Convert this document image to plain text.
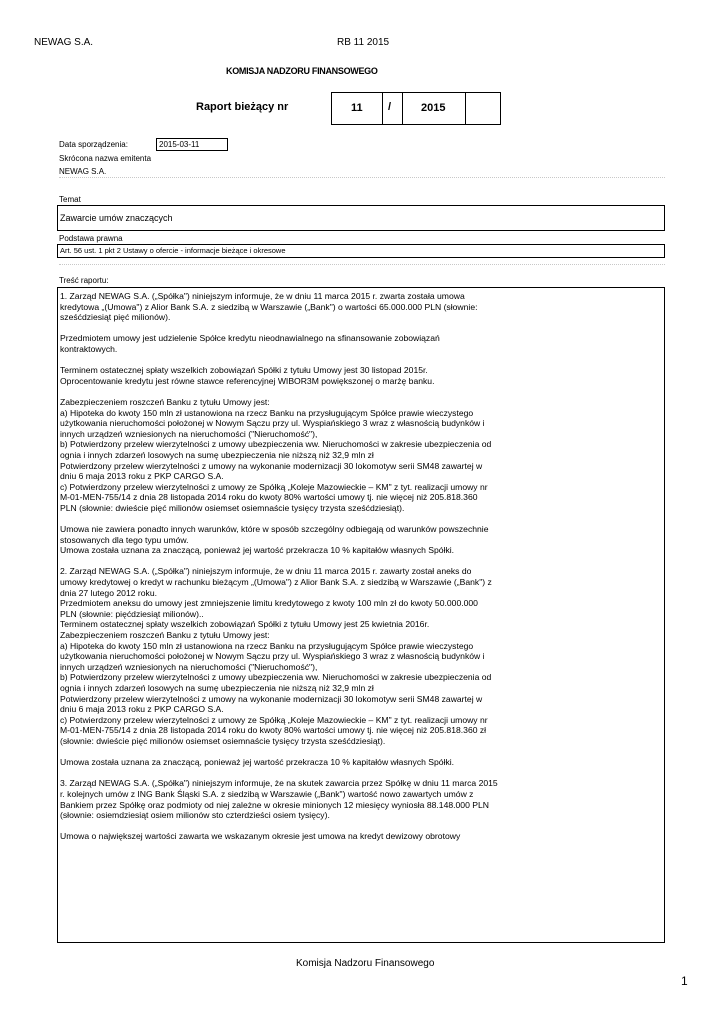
NEWAG S.A.	RB 11 2015
KOMISJA NADZORU FINANSOWEGO
Raport bieżący nr	11 /	2015
Data sporządzenia:	2015-03-11
Skrócona nazwa emitenta
NEWAG S.A.
Temat
Zawarcie umów znaczących
Podstawa prawna
Art. 56 ust. 1 pkt 2 Ustawy o ofercie - informacje bieżące i okresowe
Treść raportu:

1. Zarząd NEWAG S.A. („Spółka") niniejszym informuje, że w dniu 11 marca 2015 r. zwarta została umowa
kredytowa „(Umowa") z Alior Bank S.A. z siedzibą w Warszawie („Bank") o wartości 65.000.000 PLN (słownie:
sześćdziesiąt pięć milionów).

Przedmiotem umowy jest udzielenie Spółce kredytu nieodnawialnego na sfinansowanie zobowiązań
kontraktowych.

Terminem ostatecznej spłaty wszelkich zobowiązań Spółki z tytułu Umowy jest 30 listopad 2015r.
Oprocentowanie kredytu jest równe stawce referencyjnej WIBOR3M powiększonej o marżę banku.

Zabezpieczeniem roszczeń Banku z tytułu Umowy jest:
a) Hipoteka do kwoty 150 mln zł ustanowiona na rzecz Banku na przysługującym Spółce prawie wieczystego
użytkowania nieruchomości położonej w Nowym Sączu przy ul. Wyspiańskiego 3 wraz z własnością budynków i
innych urządzeń wzniesionych na nieruchomości ("Nieruchomość"),
b) Potwierdzony przelew wierzytelności z umowy ubezpieczenia ww. Nieruchomości w zakresie ubezpieczenia od
ognia i innych zdarzeń losowych na sumę ubezpieczenia nie niższą niż 32,9 mln zł
Potwierdzony przelew wierzytelności z umowy na wykonanie modernizacji 30 lokomotyw serii SM48 zawartej w
dniu 6 maja 2013 roku z PKP CARGO S.A.
c) Potwierdzony przelew wierzytelności z umowy ze Spółką „Koleje Mazowieckie – KM" z tyt. realizacji umowy nr
M-01-MEN-755/14 z dnia 28 listopada 2014 roku do kwoty 80% wartości umowy tj. nie więcej niż 205.818.360
PLN (słownie: dwieście pięć milionów osiemset osiemnaście tysięcy trzysta sześćdziesiąt).

Umowa nie zawiera ponadto innych warunków, które w sposób szczególny odbiegają od warunków powszechnie
stosowanych dla tego typu umów.
Umowa została uznana za znaczącą, ponieważ jej wartość przekracza 10 % kapitałów własnych Spółki.

2. Zarząd NEWAG S.A. („Spółka") niniejszym informuje, że w dniu 11 marca 2015 r. zawarty został aneks do
umowy kredytowej o kredyt w rachunku bieżącym „(Umowa") z Alior Bank S.A. z siedzibą w Warszawie („Bank") z
dnia 27 lutego 2012 roku.
Przedmiotem aneksu do umowy jest zmniejszenie limitu kredytowego z kwoty 100 mln zł do kwoty 50.000.000
PLN (słownie: pięćdziesiąt milionów)..
Terminem ostatecznej spłaty wszelkich zobowiązań Spółki z tytułu Umowy jest 25 kwietnia 2016r.
Zabezpieczeniem roszczeń Banku z tytułu Umowy jest:
a) Hipoteka do kwoty 150 mln zł ustanowiona na rzecz Banku na przysługującym Spółce prawie wieczystego
użytkowania nieruchomości położonej w Nowym Sączu przy ul. Wyspiańskiego 3 wraz z własnością budynków i
innych urządzeń wzniesionych na nieruchomości ("Nieruchomość"),
b) Potwierdzony przelew wierzytelności z umowy ubezpieczenia ww. Nieruchomości w zakresie ubezpieczenia od
ognia i innych zdarzeń losowych na sumę ubezpieczenia nie niższą niż 32,9 mln zł
Potwierdzony przelew wierzytelności z umowy na wykonanie modernizacji 30 lokomotyw serii SM48 zawartej w
dniu 6 maja 2013 roku z PKP CARGO S.A.
c) Potwierdzony przelew wierzytelności z umowy ze Spółką „Koleje Mazowieckie – KM" z tyt. realizacji umowy nr
M-01-MEN-755/14 z dnia 28 listopada 2014 roku do kwoty 80% wartości umowy tj. nie więcej niż 205.818.360 zł
(słownie: dwieście pięć milionów osiemset osiemnaście tysięcy trzysta sześćdziesiąt).

Umowa została uznana za znaczącą, ponieważ jej wartość przekracza 10 % kapitałów własnych Spółki.

3. Zarząd NEWAG S.A. („Spółka") niniejszym informuje, że na skutek zawarcia przez Spółkę w dniu 11 marca 2015
r. kolejnych umów z ING Bank Śląski S.A. z siedzibą w Warszawie („Bank") wartość nowo zawartych umów z
Bankiem przez Spółkę oraz podmioty od niej zależne w okresie minionych 12 miesięcy wyniosła 88.148.000 PLN
(słownie: osiemdziesiąt osiem milionów sto czterdzieści osiem tysięcy).

Umowa o największej wartości zawarta we wskazanym okresie jest umowa na kredyt dewizowy obrotowy

Komisja Nadzoru Finansowego
1
